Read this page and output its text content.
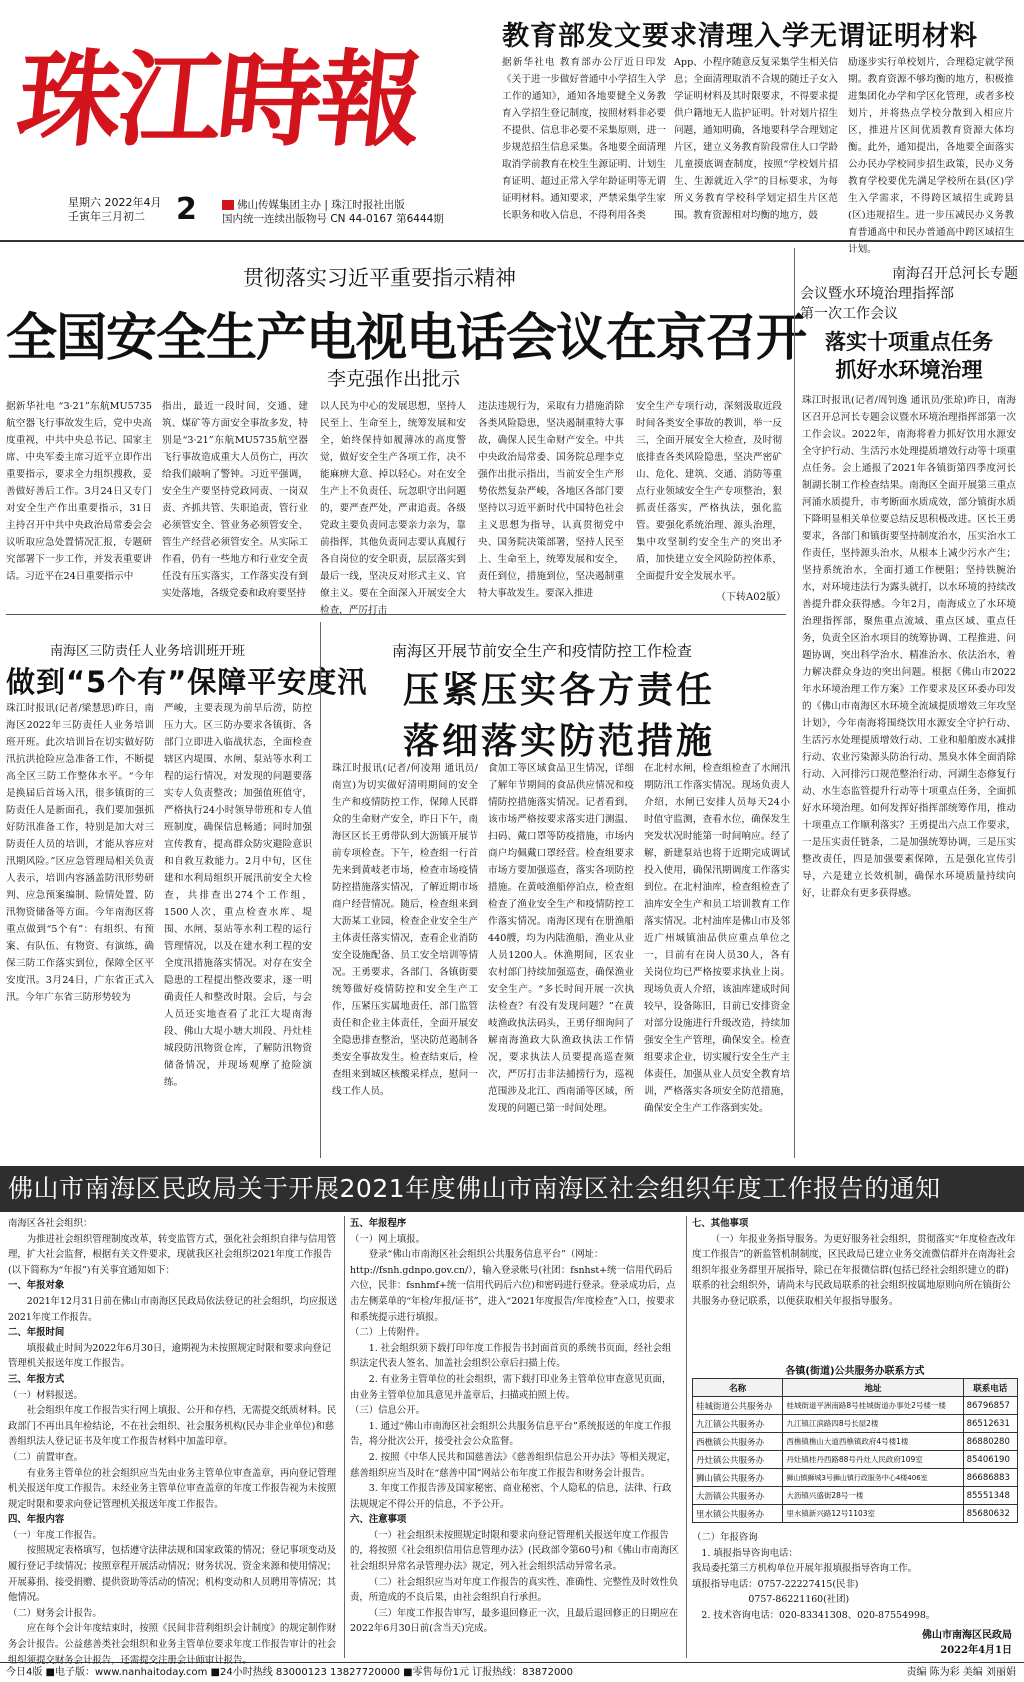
珠江時報
星期六 2022年4月
壬寅年三月初二	2	佛山传媒集团主办 | 珠江时报社出版
国内统一连续出版物号 CN 44-0167 第6444期
教育部发文要求清理入学无谓证明材料
据新华社电 教育部办公厅近日印发《关于进一步做好普通中小学招生入学工作的通知》，通知各地要健全义务教育入学招生登记制度，按照材料非必要不提供、信息非必要不采集原则，进一步规范招生信息采集。各地要全面清理取消学前教育在校生生源证明、计划生育证明、超过正常入学年龄证明等无谓证明材料。通知要求，严禁采集学生家长职务和收入信息，不得利用各类
App、小程序随意反复采集学生相关信息；全面清理取消不合规的随迁子女入学证明材料及其时限要求，不得要求提供户籍地无人监护证明。针对划片招生问题，通知明确，各地要科学合理划定片区，建立义务教育阶段常住人口学龄儿童摸底调查制度，按照“学校划片招生、生源就近入学”的目标要求，为每所义务教育学校科学划定招生片区范围。教育资源相对均衡的地方，鼓
励逐步实行单校划片，合理稳定就学预期。教育资源不够均衡的地方，积极推进集团化办学和学区化管理，或者多校划片，并将热点学校分散到入相应片区，推进片区间优质教育资源大体均衡。此外，通知提出，各地要全面落实公办民办学校同步招生政策，民办义务教育学校要优先满足学校所在县(区)学生入学需求，不得跨区域招生或跨县(区)违规招生。进一步压减民办义务教育普通高中和民办普通高中跨区域招生计划。
贯彻落实习近平重要指示精神
全国安全生产电视电话会议在京召开
李克强作出批示
据新华社电 “3·21”东航MU5735航空器飞行事故发生后，党中央高度重视，中共中央总书记、国家主席、中央军委主席习近平立即作出重要指示，要求全力组织搜救，妥善做好善后工作。3月24日又专门对安全生产作出重要指示，31日主持召开中共中央政治局常委会会议听取应急处置情况汇报，专题研究部署下一步工作，并发表重要讲话。习近平在24日重要指示中
指出，最近一段时间，交通、建筑、煤矿等方面安全事故多发，特别是“3·21”东航MU5735航空器飞行事故造成重大人员伤亡，再次给我们敲响了警钟。习近平强调，安全生产要坚持党政同责、一岗双责、齐抓共管、失职追责，管行业必须管安全、管业务必须管安全、管生产经营必须管安全。从实际工作看，仍有一些地方和行业安全责任没有压实落实，工作落实没有到实处落地，各级党委和政府要坚持
以人民为中心的发展思想，坚持人民至上、生命至上，统筹发展和安全，始终保持如履薄冰的高度警觉，做好安全生产各项工作，决不能麻痹大意、掉以轻心。对在安全生产上不负责任、玩忽职守出问题的，要严查严处，严肃追责。各级党政主要负责同志要亲力亲为，靠前指挥，其他负责同志要认真履行各自岗位的安全职责，层层落实到最后一线，坚决反对形式主义、官僚主义。要在全面深入开展安全大检查，严厉打击
违法违规行为，采取有力措施消除各类风险隐患，坚决遏制重特大事故，确保人民生命财产安全。中共中央政治局常委、国务院总理李克强作出批示指出，当前安全生产形势依然复杂严峻，各地区各部门要坚持以习近平新时代中国特色社会主义思想为指导，认真贯彻党中央、国务院决策部署，坚持人民至上、生命至上，统筹发展和安全，责任到位，措施到位，坚决遏制重特大事故发生。要深入推进
安全生产专项行动，深刻汲取近段时间各类安全事故的教训，举一反三，全面开展安全大检查，及时彻底排查各类风险隐患，坚决严密矿山、危化、建筑、交通、消防等重点行业领域安全生产专项整治，狠抓责任落实，严格执法，强化监管。要强化系统治理、源头治理，集中攻坚制约安全生产的突出矛盾，加快建立安全风险防控体系，全面提升安全发展水平。
（下转A02版）
南海召开总河长专题
会议暨水环境治理指挥部
第一次工作会议
落实十项重点任务
抓好水环境治理
珠江时报讯(记者/周钊逸 通讯员/张琼)昨日，南海区召开总河长专题会议暨水环境治理指挥部第一次工作会议。2022年，南海将着力抓好饮用水源安全守护行动、生活污水处理提质增效行动等十项重点任务。会上通报了2021年各镇街第四季度河长制湖长制工作检查结果。南海区全面开展第三重点河涌水质提升，市考断面水质成效，部分镇街水质下降明显相关单位要总结反思积极改进。区长王勇要求，各部门和镇街要坚持制度治水，压实治水工作责任，坚持源头治水，从根本上减少污水产生；坚持系统治水，全面打通工作梗阻；坚持铁腕治水，对环境违法行为露头就打，以水环境的持续改善提升群众获得感。今年2月，南海成立了水环境治理指挥部，聚焦重点流域、重点区域、重点任务，负责全区治水项目的统筹协调、工程推进、问题协调，突出科学治水、精准治水、依法治水，着力解决群众身边的突出问题。根据《佛山市2022年水环境治理工作方案》工作要求及区环委办印发的《佛山市南海区水环境全流域提质增效三年攻坚计划》，今年南海将围绕饮用水源安全守护行动、生活污水处理提质增效行动、工业和船舶废水减排行动、农业污染源头防治行动、黑臭水体全面消除行动、入河排污口规范整治行动、河湖生态修复行动、水生态监管提升行动等十项重点任务，全面抓好水环境治理。如何发挥好指挥部统筹作用，推动十项重点工作顺利落实？王勇提出六点工作要求，一是压实责任链条，二是加强统筹协调，三是压实整改责任，四是加强要素保障，五是强化宣传引导，六是建立长效机制，确保水环境质量持续向好，让群众有更多获得感。
南海区三防责任人业务培训班开班
做到“5个有”保障平安度汛
珠江时报讯(记者/梁慧思)昨日，南海区2022年三防责任人业务培训班开班。此次培训旨在切实做好防汛抗洪抢险应急准备工作，不断提高全区三防工作整体水平。“今年是换届后首场入汛，很多镇街的三防责任人是新面孔，我们要加强抓好防汛准备工作，特别是加大对三防责任人员的培训，才能从容应对汛期风险。”区应急管理局相关负责人表示，培训内容涵盖防汛形势研判、应急预案编制、险情处置、防汛物资储备等方面。今年南海区将重点做到“5个有”：有组织、有预案、有队伍、有物资、有演练，确保三防工作落实到位，保障全区平安度汛。3月24日，广东省正式入汛。今年广东省三防形势较为
严峻，主要表现为前旱后涝，防控压力大。区三防办要求各镇街、各部门立即进入临战状态，全面检查辖区内堤围、水闸、泵站等水利工程的运行情况，对发现的问题要落实专人负责整改；加强值班值守，严格执行24小时领导带班和专人值班制度，确保信息畅通；同时加强宣传教育，提高群众防灾避险意识和自救互救能力。2月中旬，区住建和水利局组织开展汛前安全大检查，共排查出274个工作组，1500人次，重点检查水库、堤围、水闸、泵站等水利工程的运行管理情况，以及在建水利工程的安全度汛措施落实情况。对存在安全隐患的工程提出整改要求，逐一明确责任人和整改时限。会后，与会人员还实地查看了北江大堤南海段、佛山大堤小塘大圳段、丹灶桂城段防汛物资仓库，了解防汛物资储备情况，并现场观摩了抢险演练。
南海区开展节前安全生产和疫情防控工作检查
压紧压实各方责任
落细落实防范措施
珠江时报讯(记者/何凌翔 通讯员/南宣)为切实做好清明期间的安全生产和疫情防控工作，保障人民群众的生命财产安全，昨日下午，南海区区长王勇带队到大沥镇开展节前专项检查。下午，检查组一行首先来到黄岐老市场，检查市场疫情防控措施落实情况，了解近期市场商户经营情况。随后，检查组来到大沥某工业园，检查企业安全生产主体责任落实情况，查看企业消防安全设施配备、员工安全培训等情况。王勇要求，各部门、各镇街要统筹做好疫情防控和安全生产工作，压紧压实属地责任、部门监管责任和企业主体责任，全面开展安全隐患排查整治，坚决防范遏制各类安全事故发生。检查结束后，检查组来到城区核酸采样点，慰问一线工作人员。
食加工等区域食品卫生情况，详细了解年节期间的食品供应情况和疫情防控措施落实情况。记者看到，该市场严格按要求落实进门测温、扫码、戴口罩等防疫措施，市场内商户均佩戴口罩经营。检查组要求市场方要加强巡查，落实各项防控措施。在黄岐渔船停泊点，检查组检查了渔业安全生产和疫情防控工作落实情况。南海区现有在册渔船440艘，均为内陆渔船，渔业从业人员1200人。休渔期间，区农业农村部门持续加强巡查，确保渔业安全生产。“多长时间开展一次执法检查？有没有发现问题？”在黄岐渔政执法码头，王勇仔细询问了解南海渔政大队渔政执法工作情况，要求执法人员要提高巡查频次，严厉打击非法捕捞行为，巡视范围涉及北江、西南涌等区域，所发现的问题已第一时间处理。
在北村水闸，检查组检查了水闸汛期防汛工作落实情况。现场负责人介绍，水闸已安排人员每天24小时值守监测，查看水位，确保发生突发状况时能第一时间响应。经了解，新建泵站也将于近期完成调试投入使用，确保汛期调度工作落实到位。在北村油库，检查组检查了油库安全生产和员工培训教育工作落实情况。北村油库是佛山市及邻近广州城镇油品供应重点单位之一，目前有在岗人员30人，各有关岗位均已严格按要求执业上岗。现场负责人介绍，该油库建成时间较早，设备陈旧，目前已安排资金对部分设施进行升级改造，持续加强安全生产管理，确保安全。检查组要求企业，切实履行安全生产主体责任，加强从业人员安全教育培训，严格落实各项安全防范措施，确保安全生产工作落到实处。
佛山市南海区民政局关于开展2021年度佛山市南海区社会组织年度工作报告的通知

南海区各社会组织：

为推进社会组织管理制度改革，转变监管方式，强化社会组织自律与信用管理，扩大社会监督，根据有关文件要求，现就我区社会组织2021年度工作报告(以下简称为“年报”)有关事宜通知如下：

一、年报对象

2021年12月31日前在佛山市南海区民政局依法登记的社会组织，均应报送2021年度工作报告。

二、年报时间

填报截止时间为2022年6月30日，逾期视为未按照规定时限和要求向登记管理机关报送年度工作报告。

三、年报方式

（一）材料报送。

社会组织年度工作报告实行网上填报、公开和存档，无需提交纸质材料。民政部门不再出具年检结论，不在社会组织、社会服务机构(民办非企业单位)和慈善组织法人登记证书及年度工作报告材料中加盖印章。

（二）前置审查。

有业务主管单位的社会组织应当先由业务主管单位审查盖章，再向登记管理机关报送年度工作报告。未经业务主管单位审查盖章的年度工作报告视为未按照规定时限和要求向登记管理机关报送年度工作报告。

四、年报内容

（一）年度工作报告。

按照规定表格填写，包括遵守法律法规和国家政策的情况；登记事项变动及履行登记手续情况；按照章程开展活动情况；财务状况、资金来源和使用情况；开展募捐、接受捐赠、提供资助等活动的情况；机构变动和人员聘用等情况；其他情况。

（二）财务会计报告。

应在每个会计年度结束时，按照《民间非营利组织会计制度》的规定制作财务会计报告。公益慈善类社会组织和业务主管单位要求年度工作报告审计的社会组织须提交财务会计报告，还需提交注册会计师审计报告。

五、年报程序

（一）网上填报。

登录“佛山市南海区社会组织公共服务信息平台”（网址：http://fsnh.gdnpo.gov.cn/），输入登录帐号(社团：fsnhst+统一信用代码后六位，民非：fsnhmf+统一信用代码后六位)和密码进行登录。登录成功后，点击左侧菜单的“年检/年报/证书”，进入“2021年度报告/年度检查”入口，按要求和系统提示进行填报。

（二）上传附件。

1. 社会组织须下载打印年度工作报告书封面首页的系统书页面，经社会组织法定代表人签名、加盖社会组织公章后扫描上传。

2. 有业务主管单位的社会组织，需下载打印业务主管单位审查意见页面，由业务主管单位加具意见并盖章后，扫描或拍照上传。

（三）信息公开。

1. 通过“佛山市南海区社会组织公共服务信息平台”系统报送的年度工作报告，将分批次公开，接受社会公众监督。

2. 按照《中华人民共和国慈善法》《慈善组织信息公开办法》等相关规定，慈善组织应当及时在“慈善中国”网站公布年度工作报告和财务会计报告。

3. 年度工作报告涉及国家秘密、商业秘密、个人隐私的信息，法律、行政法规规定不得公开的信息，不予公开。

六、注意事项

（一）社会组织未按照规定时限和要求向登记管理机关报送年度工作报告的，将按照《社会组织信用信息管理办法》(民政部令第60号)和《佛山市南海区社会组织异常名录管理办法》规定，列入社会组织活动异常名录。

（二）社会组织应当对年度工作报告的真实性、准确性、完整性及时效性负责，所造成的不良后果，由社会组织自行承担。

（三）年度工作报告审写，最多退回修正一次，且最后退回修正的日期应在2022年6月30日前(含当天)完成。

七、其他事项

（一）年报业务指导服务。为更好服务社会组织，贯彻落实“年度检查改年度工作报告”的新监管机制制度，区民政局已建立业务交流微信群并在南海社会组织年报业务群里开展指导，除已在年报微信群(包括已经社会组织建立的群)联系的社会组织外，请尚未与民政局联系的社会组织按属地原则向所在镇街公共服务办登记联系，以便获取相关年报指导服务。

各镇(街道)公共服务办联系方式
名称	地址	联系电话
桂城街道公共服务办	桂城街道平洲南路8号桂城街道办事处2号楼一楼	86796857
九江镇公共服务办	九江镇江滨路四8号长屋2楼	86512631
西樵镇公共服务办	西樵镇樵山大道西樵镇政府4号楼1楼	86880280
丹灶镇公共服务办	丹灶镇桂丹西路88号丹灶人民政府109室	85406190
狮山镇公共服务办	狮山镇狮城3号狮山镇行政服务中心4楼406室	86686883
大沥镇公共服务办	大沥镇兴盛街28号一楼	85551348
里水镇公共服务办	里水镇新兴路12号1103室	85680632

（二）年报咨询

1. 填报指导咨询电话：

我局委托第三方机构单位开展年报填报指导咨询工作。

填报指导电话：0757-22227415(民非)

0757-86221160(社团)

2. 技术咨询电话：020-83341308、020-87554998。

佛山市南海区民政局
2022年4月1日
今日4版 ■电子版：www.nanhaitoday.com ■24小时热线 83000123 13827720000 ■零售每份1元 订报热线：83872000	责编 陈为彩 美编 刘丽娟
